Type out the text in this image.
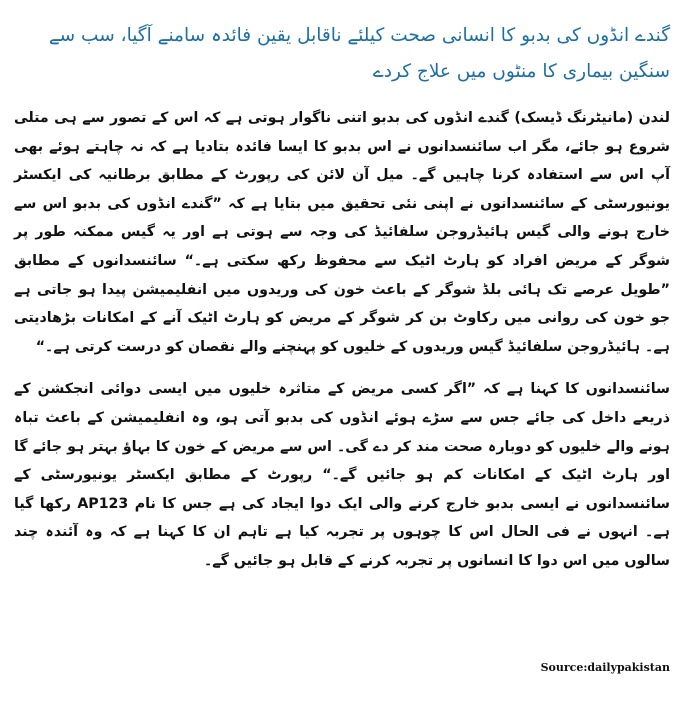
گندے انڈوں کی بدبو کا انسانی صحت کیلئے ناقابل یقین فائدہ سامنے آگیا، سب سے سنگین بیماری کا منٹوں میں علاج کردے

لندن (مانیٹرنگ ڈیسک) گندے انڈوں کی بدبو اتنی ناگوار ہوتی ہے کہ اس کے تصور سے ہی متلی شروع ہو جائے، مگر اب سائنسدانوں نے اس بدبو کا ایسا فائدہ بتادیا ہے کہ نہ چاہتے ہوئے بھی آپ اس سے استفادہ کرنا چاہیں گے۔ میل آن لائن کی رپورٹ کے مطابق برطانیہ کی ایکسٹر یونیورسٹی کے سائنسدانوں نے اپنی نئی تحقیق میں بتایا ہے کہ ”گندے انڈوں کی بدبو اس سے خارج ہونے والی گیس ہائیڈروجن سلفائیڈ کی وجہ سے ہوتی ہے اور یہ گیس ممکنہ طور پر شوگر کے مریض افراد کو ہارٹ اٹیک سے محفوظ رکھ سکتی ہے۔“ سائنسدانوں کے مطابق ”طویل عرصے تک ہائی بلڈ شوگر کے باعث خون کی وریدوں میں انفلیمیشن پیدا ہو جاتی ہے جو خون کی روانی میں رکاوٹ بن کر شوگر کے مریض کو ہارٹ اٹیک آنے کے امکانات بڑھادیتی ہے۔ ہائیڈروجن سلفائیڈ گیس وریدوں کے خلیوں کو پہنچنے والے نقصان کو درست کرتی ہے۔“

سائنسدانوں کا کہنا ہے کہ ”اگر کسی مریض کے متاثرہ خلیوں میں ایسی دوائی انجکشن کے ذریعے داخل کی جائے جس سے سڑے ہوئے انڈوں کی بدبو آتی ہو، وہ انفلیمیشن کے باعث تباہ ہونے والے خلیوں کو دوبارہ صحت مند کر دے گی۔ اس سے مریض کے خون کا بہاؤ بہتر ہو جائے گا اور ہارٹ اٹیک کے امکانات کم ہو جائیں گے۔“ رپورٹ کے مطابق ایکسٹر یونیورسٹی کے سائنسدانوں نے ایسی بدبو خارج کرنے والی ایک دوا ایجاد کی ہے جس کا نام AP123 رکھا گیا ہے۔ انہوں نے فی الحال اس کا چوہوں پر تجربہ کیا ہے تاہم ان کا کہنا ہے کہ وہ آئندہ چند سالوں میں اس دوا کا انسانوں پر تجربہ کرنے کے قابل ہو جائیں گے۔

Source:dailypakistan
